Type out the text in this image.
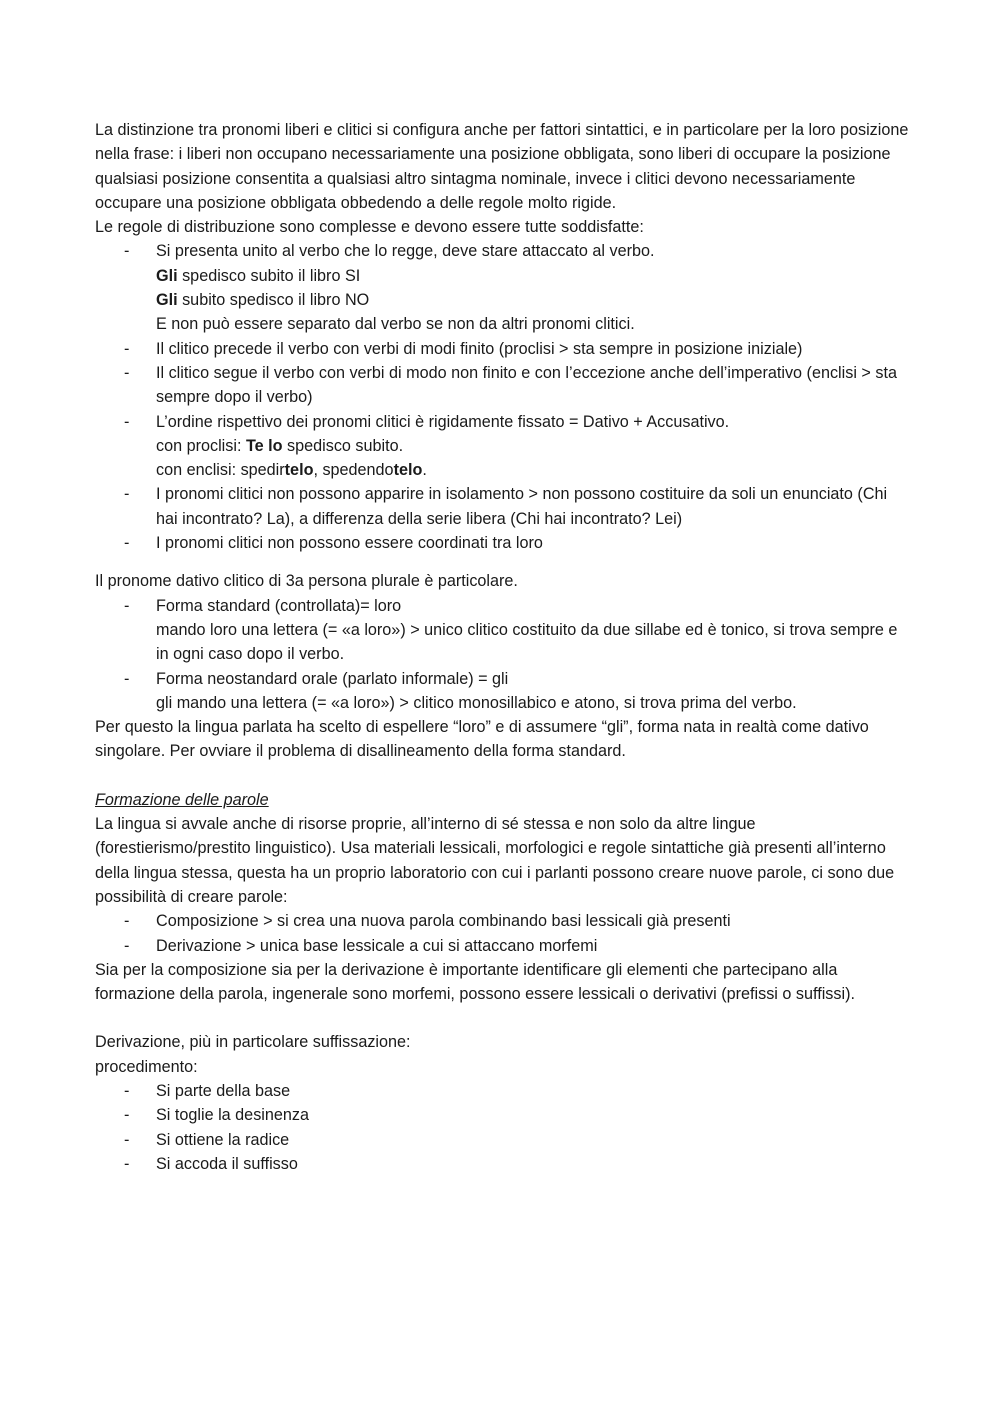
La distinzione tra pronomi liberi e clitici si configura anche per fattori sintattici, e in particolare per la loro posizione nella frase: i liberi non occupano necessariamente una posizione obbligata, sono liberi di occupare la posizione qualsiasi posizione consentita a qualsiasi altro sintagma nominale, invece i clitici devono necessariamente occupare una posizione obbligata obbedendo a delle regole molto rigide.

Le regole di distribuzione sono complesse e devono essere tutte soddisfatte:

- Si presenta unito al verbo che lo regge, deve stare attaccato al verbo.
Gli spedisco subito il libro SI
Gli subito spedisco il libro NO
E non può essere separato dal verbo se non da altri pronomi clitici.
- Il clitico precede il verbo con verbi di modi finito (proclisi > sta sempre in posizione iniziale)
- Il clitico segue il verbo con verbi di modo non finito e con l’eccezione anche dell’imperativo (enclisi > sta sempre dopo il verbo)
- L’ordine rispettivo dei pronomi clitici è rigidamente fissato = Dativo + Accusativo.
con proclisi: Te lo spedisco subito.
con enclisi: spedirtelo, spedendotelo.
- I pronomi clitici non possono apparire in isolamento > non possono costituire da soli un enunciato (Chi hai incontrato? La), a differenza della serie libera (Chi hai incontrato? Lei)
- I pronomi clitici non possono essere coordinati tra loro

Il pronome dativo clitico di 3a persona plurale è particolare.

- Forma standard (controllata)= loro
mando loro una lettera (= «a loro») > unico clitico costituito da due sillabe ed è tonico, si trova sempre e in ogni caso dopo il verbo.
- Forma neostandard orale (parlato informale) = gli
gli mando una lettera (= «a loro») > clitico monosillabico e atono, si trova prima del verbo.

Per questo la lingua parlata ha scelto di espellere “loro” e di assumere “gli”, forma nata in realtà come dativo singolare. Per ovviare il problema di disallineamento della forma standard.

Formazione delle parole

La lingua si avvale anche di risorse proprie, all’interno di sé stessa e non solo da altre lingue (forestierismo/prestito linguistico). Usa materiali lessicali, morfologici e regole sintattiche già presenti all’interno della lingua stessa, questa ha un proprio laboratorio con cui i parlanti possono creare nuove parole, ci sono due possibilità di creare parole:

- Composizione > si crea una nuova parola combinando basi lessicali già presenti
- Derivazione > unica base lessicale a cui si attaccano morfemi

Sia per la composizione sia per la derivazione è importante identificare gli elementi che partecipano alla formazione della parola, ingenerale sono morfemi, possono essere lessicali o derivativi (prefissi o suffissi).

Derivazione, più in particolare suffissazione:

procedimento:

- Si parte della base
- Si toglie la desinenza
- Si ottiene la radice
- Si accoda il suffisso
